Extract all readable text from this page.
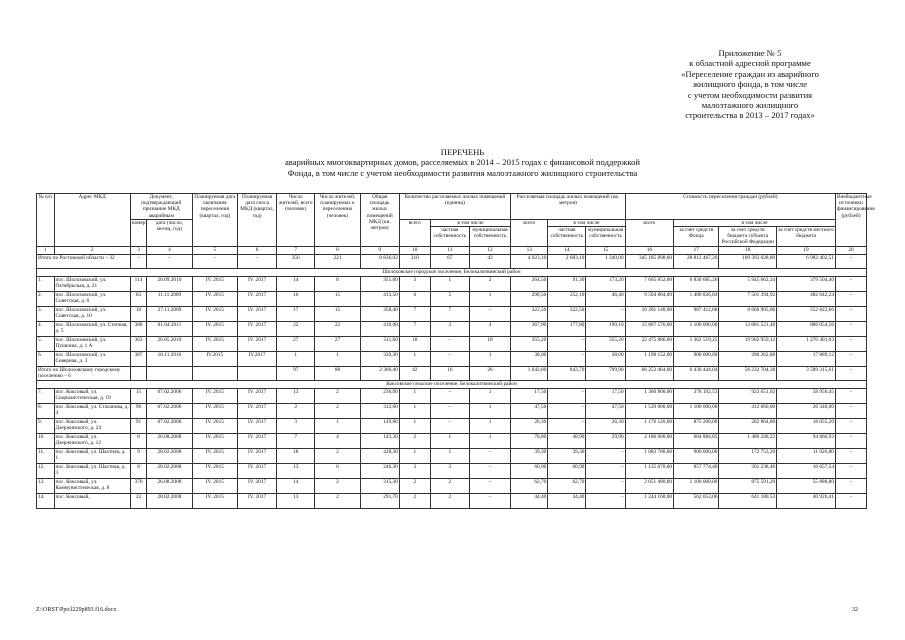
Приложение № 5
к областной адресной программе
«Переселение граждан из аварийного
жилищного фонда, в том числе
с учетом необходимости развития
малоэтажного жилищного
строительства в 2013 – 2017 годах»
ПЕРЕЧЕНЬ
аварийных многоквартирных домов, расселяемых в 2014 – 2015 годах с финансовой поддержкой
Фонда, в том числе с учетом необходимости развития малоэтажного жилищного строительства
№ п/п	Адрес МКД	Документ, подтверждающий признание МКД аварийным		Планируемая дата окончания переселения (квартал, год)	Планируемая дата сноса МКД (квартал, год)	Число жителей, всего (человек)	Число жителей, планируемых к переселению (человек)	Общая площадь жилых помещений МКД (кв. метров)	Количество расселяемых жилых помещений (единиц)			Расселяемая площадь жилых помещений (кв. метров)			Стоимость переселения граждан (рублей)				Внебюджетные источники финансирования (рублей)
		номер	дата (число, месяц, год)						всего	в том числе		всего	в том числе		всего	в том числе			
										частная собственность	муниципальная собственность		частная собственность	муниципальная собственность		за счет средств Фонда	за счет средств бюджета субъекта Российской Федерации	за счет средств местного бюджета	
1	2	3	4	5	6	7	8	9	10	11	12	13	14	15	16	17	18	19	20
Итого по Ростовской области – 32		–	–	–	–	356	221	8 836,02	210	67	43	4 023,10	2 683,10	1 340,00	345 185 898,60	28 812 467,20	109 393 028,80	6 982 402,51	–
Шолоховское городское поселение, Белокалитвинский район																			
1.	пос. Шолоховский, ул. Октябрьская, д. 21	114	20.09.2010	IV. 2015	IV. 2017	14	8	351,60	3	1	2	264,50	91,30	173,20	7 605 852,00	6 830 685,26	5 945 662,34	379 504,40	–
2.	пос. Шолоховский, ул. Советская, д. 6	83	11.11.2009	IV. 2015	IV. 2017	16	15	413,50	6	5	1	298,50	252,10	46,40	9 504 864,00	1 480 826,84	7 561 394,92	482 642,24	–
3.	пос. Шолоховский, ул. Советская, д. 10	10	27.11.2009	IV. 2015	IV. 2017	17	15	358,40	7	7	–	322,50	322,50	–	10 201 140,00	987 412,68	8 660 905,06	552 822,66	–
4.	пос. Шолоховский, ул. Степная, д. 5	388	01.04.2011	IV. 2015	IV. 2017	22	22	410,00	7	3	4	367,90	177,80	190,10	15 867 576,00	1 100 000,00	13 881 521,48	886 054,56	–
5.	пос. Шолоховский, ул. Пушкина, д. 1 А	363	26.05.2010	IV. 2015	IV. 2017	27	27	511,60	18	–	18	355,20	–	355,20	22 475 886,00	1 302 519,25	19 902 959,12	1 270 401,03	–
6.	пос. Шолоховский, ул. Северная, д. 3	387	10.11.2010	IV.2015	IV.2017	1	1	320,30	1	–	1	38,00	–	38,00	1 198 152,00	900 000,00	280 262,88	17 889,12	–
Итого по Шолоховскому городскому поселению – 6						97	88	2 366,40	42	16	26	1 643,60	843,70	799,90	66 253 464,00	6 430 444,04	56 232 704,38	3 589 315,61	–
Коксовское сельское поселение, Белокалитвинский район																			
7.	пос. Коксовый, ул. Социалистическая, д. 19	15	07.02.2006	IV. 2015	IV. 2017	13	2	236,00	1	–	1	17,50	–	17,50	1 360 800,00	378 192,53	923 651,02	58 956,45	–
8.	пос. Коксовый, ул. Стаханова, д. 4	90	07.02.2006	IV. 2015	IV. 2017	2	2	312,60	1	–	1	47,50	–	47,50	1 539 000,00	1 100 000,00	412 660,00	26 340,00	–
9.	пос. Коксовый, ул. Дзержинского, д. 24	91	07.02.2006	IV. 2015	IV. 2017	3	1	149,80	1	–	1	26,30	–	26,30	1 176 120,00	875 200,00	282 864,80	18 055,20	–
10.	пос. Коксовый, ул. Дзержинского, д. 12	8	26.08.2008	IV. 2015	IV. 2017	7	4	143,30	2	1	1	78,80	48,90	29,90	2 186 000,00	604 884,85	1 486 248,22	94 866,93	–
11.	пос. Коксовый, ул. Шахтная, д. 1	9	28.02.2008	IV. 2015	IV. 2017	18	2	428,30	1	1	–	39,30	39,30	–	1 083 780,00	900 000,00	172 753,20	11 026,80	–
12.	пос. Коксовый, ул. Шахтная, д. 3	8	28.02.2008	IV. 2015	IV. 2017	13	6	246,30	3	3	–	60,90	60,90	–	1 135 670,00	857 774,40	261 238,46	16 657,54	–
13.	пос. Коксовый, ул. Коммунистическая, д. 8	370	26.08.2008	IV. 2015	IV. 2017	14	2	315,30	2	2	–	62,70	62,70	–	2 051 480,00	1 100 000,00	875 591,20	55 888,80	–
14.	пос. Коксовый,	22	28.02.2008	IV. 2015	IV. 2017	13	2	291,70	2	2	–	44,40	44,40	–	1 244 160,00	562 053,06	641 180,53	40 926,41	–
Z:\ORST\Ppo\l229p893.f16.docx	32
